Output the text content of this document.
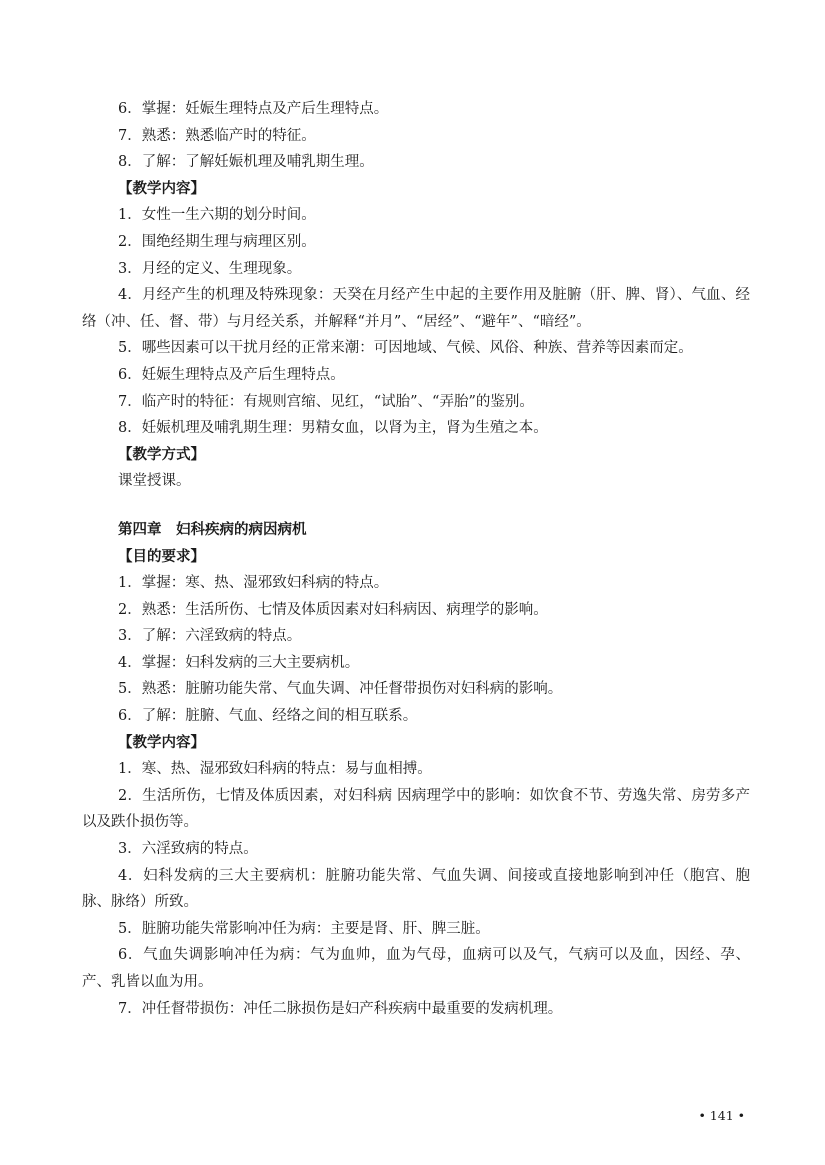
6．掌握：妊娠生理特点及产后生理特点。
7．熟悉：熟悉临产时的特征。
8．了解：了解妊娠机理及哺乳期生理。
【教学内容】
1．女性一生六期的划分时间。
2．围绝经期生理与病理区别。
3．月经的定义、生理现象。
4．月经产生的机理及特殊现象：天癸在月经产生中起的主要作用及脏腑（肝、脾、肾）、气血、经络（冲、任、督、带）与月经关系，并解释“并月”、“居经”、“避年”、“暗经”。
5．哪些因素可以干扰月经的正常来潮：可因地域、气候、风俗、种族、营养等因素而定。
6．妊娠生理特点及产后生理特点。
7．临产时的特征：有规则宫缩、见红，“试胎”、“弄胎”的鉴别。
8．妊娠机理及哺乳期生理：男精女血，以肾为主，肾为生殖之本。
【教学方式】
课堂授课。
第四章　妇科疾病的病因病机
【目的要求】
1．掌握：寒、热、湿邪致妇科病的特点。
2．熟悉：生活所伤、七情及体质因素对妇科病因、病理学的影响。
3．了解：六淫致病的特点。
4．掌握：妇科发病的三大主要病机。
5．熟悉：脏腑功能失常、气血失调、冲任督带损伤对妇科病的影响。
6．了解：脏腑、气血、经络之间的相互联系。
【教学内容】
1．寒、热、湿邪致妇科病的特点：易与血相搏。
2．生活所伤，七情及体质因素，对妇科病 因病理学中的影响：如饮食不节、劳逸失常、房劳多产以及跌仆损伤等。
3．六淫致病的特点。
4．妇科发病的三大主要病机：脏腑功能失常、气血失调、间接或直接地影响到冲任（胞宫、胞脉、脉络）所致。
5．脏腑功能失常影响冲任为病：主要是肾、肝、脾三脏。
6．气血失调影响冲任为病：气为血帅，血为气母，血病可以及气，气病可以及血，因经、孕、产、乳皆以血为用。
7．冲任督带损伤：冲任二脉损伤是妇产科疾病中最重要的发病机理。
• 141 •
